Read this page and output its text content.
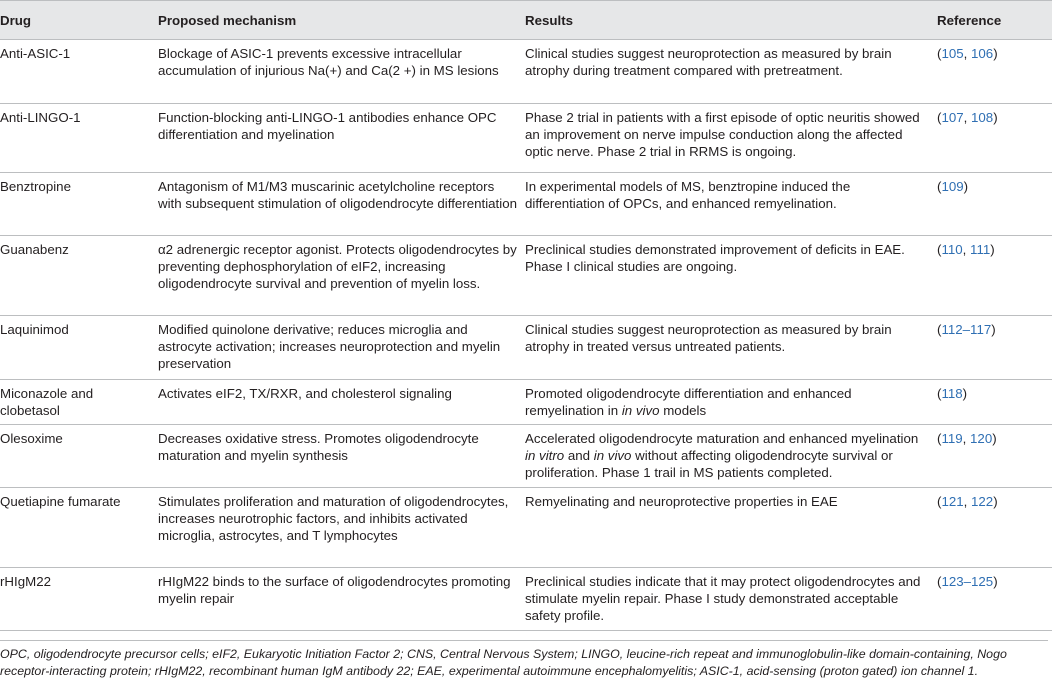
Drug	Proposed mechanism	Results	Reference
Anti-ASIC-1	Blockage of ASIC-1 prevents excessive intracellular accumulation of injurious Na(+) and Ca(2 +) in MS lesions	Clinical studies suggest neuroprotection as measured by brain atrophy during treatment compared with pretreatment.	(105, 106)
Anti-LINGO-1	Function-blocking anti-LINGO-1 antibodies enhance OPC differentiation and myelination	Phase 2 trial in patients with a first episode of optic neuritis showed an improvement on nerve impulse conduction along the affected optic nerve. Phase 2 trial in RRMS is ongoing.	(107, 108)
Benztropine	Antagonism of M1/M3 muscarinic acetylcholine receptors with subsequent stimulation of oligodendrocyte differentiation	In experimental models of MS, benztropine induced the differentiation of OPCs, and enhanced remyelination.	(109)
Guanabenz	α2 adrenergic receptor agonist. Protects oligodendrocytes by preventing dephosphorylation of eIF2, increasing oligodendrocyte survival and prevention of myelin loss.	Preclinical studies demonstrated improvement of deficits in EAE. Phase I clinical studies are ongoing.	(110, 111)
Laquinimod	Modified quinolone derivative; reduces microglia and astrocyte activation; increases neuroprotection and myelin preservation	Clinical studies suggest neuroprotection as measured by brain atrophy in treated versus untreated patients.	(112–117)
Miconazole and clobetasol	Activates eIF2, TX/RXR, and cholesterol signaling	Promoted oligodendrocyte differentiation and enhanced remyelination in in vivo models	(118)
Olesoxime	Decreases oxidative stress. Promotes oligodendrocyte maturation and myelin synthesis	Accelerated oligodendrocyte maturation and enhanced myelination in vitro and in vivo without affecting oligodendrocyte survival or proliferation. Phase 1 trail in MS patients completed.	(119, 120)
Quetiapine fumarate	Stimulates proliferation and maturation of oligodendrocytes, increases neurotrophic factors, and inhibits activated microglia, astrocytes, and T lymphocytes	Remyelinating and neuroprotective properties in EAE	(121, 122)
rHIgM22	rHIgM22 binds to the surface of oligodendrocytes promoting myelin repair	Preclinical studies indicate that it may protect oligodendrocytes and stimulate myelin repair. Phase I study demonstrated acceptable safety profile.	(123–125)
OPC, oligodendrocyte precursor cells; eIF2, Eukaryotic Initiation Factor 2; CNS, Central Nervous System; LINGO, leucine-rich repeat and immunoglobulin-like domain-containing, Nogo receptor-interacting protein; rHIgM22, recombinant human IgM antibody 22; EAE, experimental autoimmune encephalomyelitis; ASIC-1, acid-sensing (proton gated) ion channel 1.
